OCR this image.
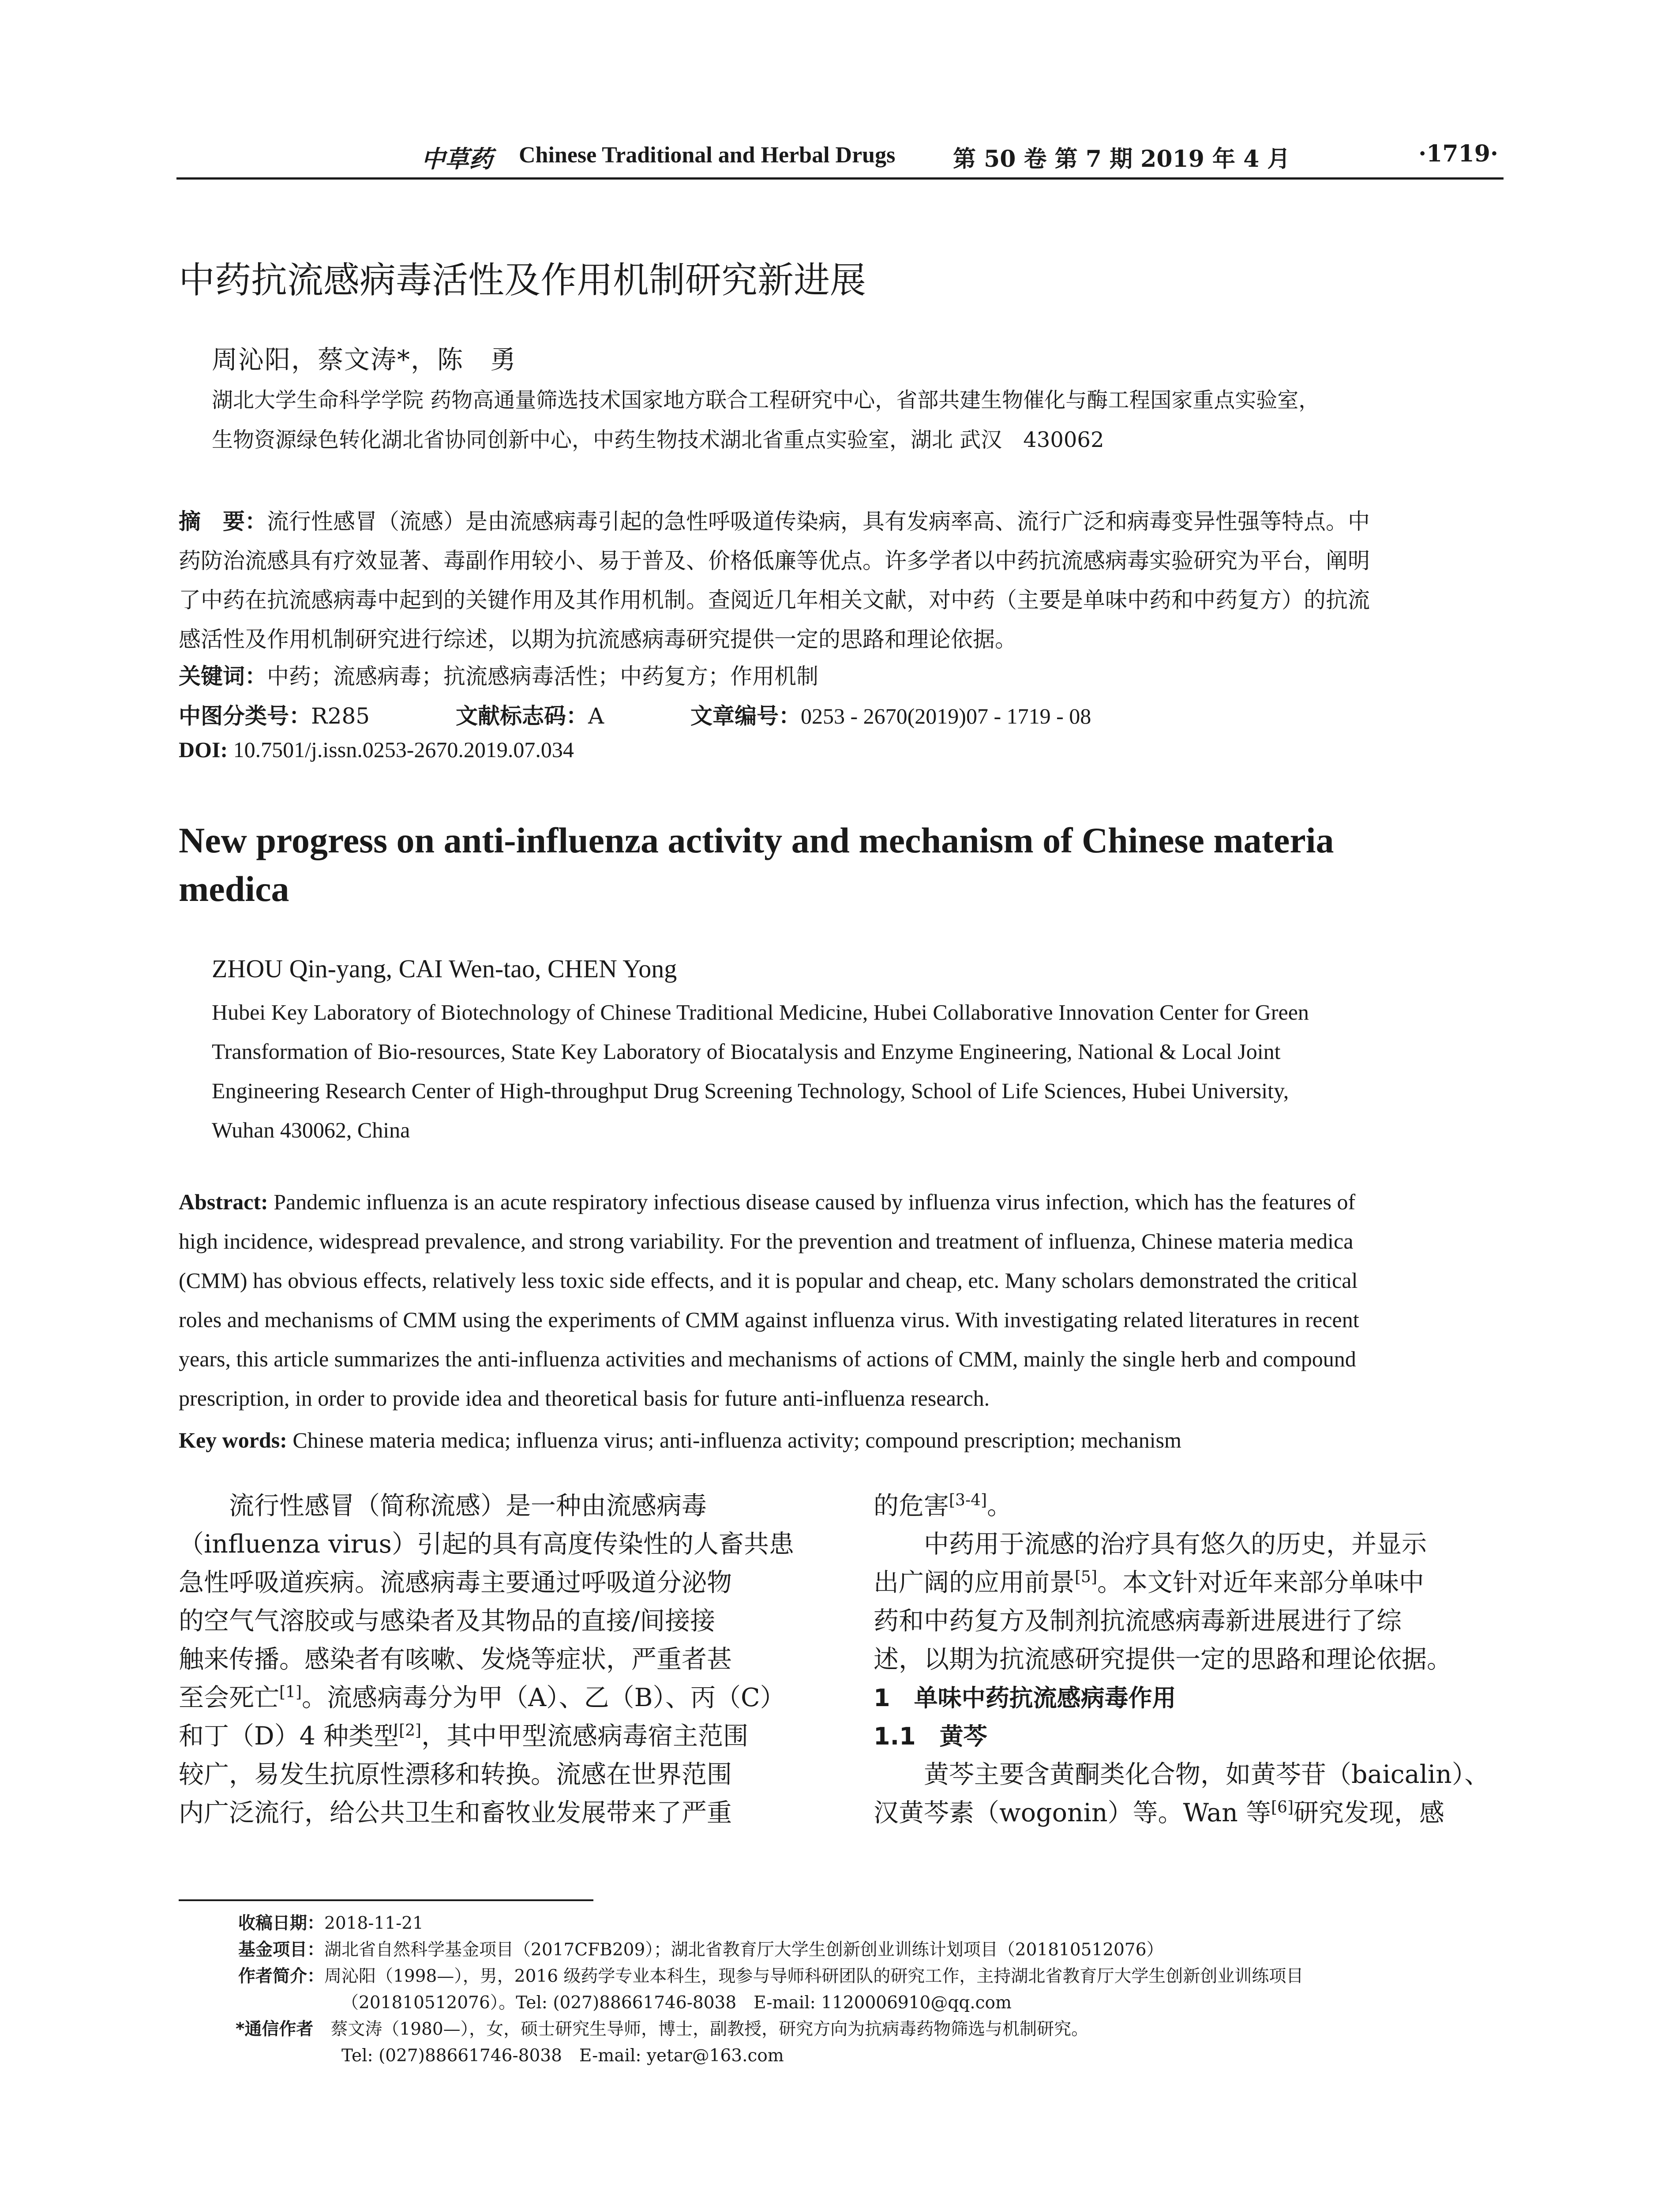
中草药 Chinese Traditional and Herbal Drugs	第 50 卷 第 7 期 2019 年 4 月	·1719·
中药抗流感病毒活性及作用机制研究新进展
周沁阳，蔡文涛*，陈　勇
湖北大学生命科学学院 药物高通量筛选技术国家地方联合工程研究中心，省部共建生物催化与酶工程国家重点实验室，
生物资源绿色转化湖北省协同创新中心，中药生物技术湖北省重点实验室，湖北 武汉　430062
摘　要：流行性感冒（流感）是由流感病毒引起的急性呼吸道传染病，具有发病率高、流行广泛和病毒变异性强等特点。中
药防治流感具有疗效显著、毒副作用较小、易于普及、价格低廉等优点。许多学者以中药抗流感病毒实验研究为平台，阐明
了中药在抗流感病毒中起到的关键作用及其作用机制。查阅近几年相关文献，对中药（主要是单味中药和中药复方）的抗流
感活性及作用机制研究进行综述，以期为抗流感病毒研究提供一定的思路和理论依据。
关键词：中药；流感病毒；抗流感病毒活性；中药复方；作用机制
中图分类号：R285	文献标志码：A	文章编号：0253 - 2670(2019)07 - 1719 - 08
DOI: 10.7501/j.issn.0253-2670.2019.07.034
New progress on anti-influenza activity and mechanism of Chinese materia
medica
ZHOU Qin-yang, CAI Wen-tao, CHEN Yong
Hubei Key Laboratory of Biotechnology of Chinese Traditional Medicine, Hubei Collaborative Innovation Center for Green
Transformation of Bio-resources, State Key Laboratory of Biocatalysis and Enzyme Engineering, National & Local Joint
Engineering Research Center of High-throughput Drug Screening Technology, School of Life Sciences, Hubei University,
Wuhan 430062, China
Abstract: Pandemic influenza is an acute respiratory infectious disease caused by influenza virus infection, which has the features of
high incidence, widespread prevalence, and strong variability. For the prevention and treatment of influenza, Chinese materia medica
(CMM) has obvious effects, relatively less toxic side effects, and it is popular and cheap, etc. Many scholars demonstrated the critical
roles and mechanisms of CMM using the experiments of CMM against influenza virus. With investigating related literatures in recent
years, this article summarizes the anti-influenza activities and mechanisms of actions of CMM, mainly the single herb and compound
prescription, in order to provide idea and theoretical basis for future anti-influenza research.
Key words: Chinese materia medica; influenza virus; anti-influenza activity; compound prescription; mechanism
流行性感冒（简称流感）是一种由流感病毒
（influenza virus）引起的具有高度传染性的人畜共患
急性呼吸道疾病。流感病毒主要通过呼吸道分泌物
的空气气溶胶或与感染者及其物品的直接/间接接
触来传播。感染者有咳嗽、发烧等症状，严重者甚
至会死亡[1]。流感病毒分为甲（A）、乙（B）、丙（C）
和丁（D）4 种类型[2]，其中甲型流感病毒宿主范围
较广，易发生抗原性漂移和转换。流感在世界范围
内广泛流行，给公共卫生和畜牧业发展带来了严重
的危害[3-4]。
中药用于流感的治疗具有悠久的历史，并显示
出广阔的应用前景[5]。本文针对近年来部分单味中
药和中药复方及制剂抗流感病毒新进展进行了综
述，以期为抗流感研究提供一定的思路和理论依据。
1　单味中药抗流感病毒作用
1.1　黄芩
黄芩主要含黄酮类化合物，如黄芩苷（baicalin）、
汉黄芩素（wogonin）等。Wan 等[6]研究发现，感
收稿日期：2018-11-21
基金项目：湖北省自然科学基金项目（2017CFB209）；湖北省教育厅大学生创新创业训练计划项目（201810512076）
作者简介：周沁阳（1998—），男，2016 级药学专业本科生，现参与导师科研团队的研究工作，主持湖北省教育厅大学生创新创业训练项目
（201810512076）。Tel: (027)88661746-8038　E-mail: 1120006910@qq.com
*通信作者　 蔡文涛（1980—），女，硕士研究生导师，博士，副教授，研究方向为抗病毒药物筛选与机制研究。
Tel: (027)88661746-8038　E-mail: yetar@163.com
